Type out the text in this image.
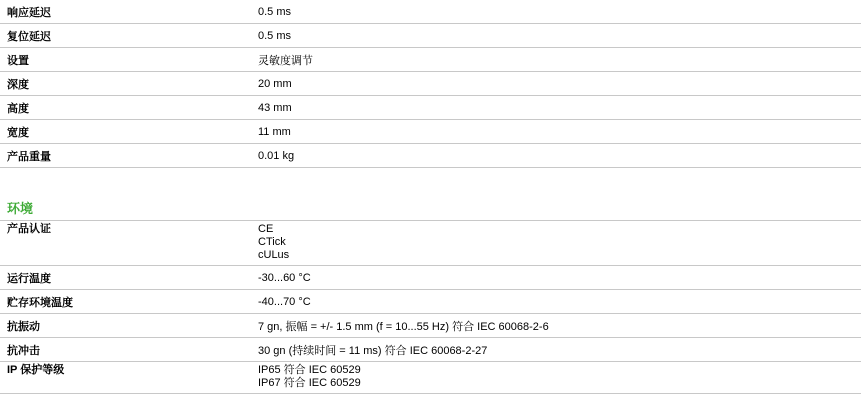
响应延迟	0.5 ms
复位延迟	0.5 ms
设置	灵敏度调节
深度	20 mm
高度	43 mm
宽度	11 mm
产品重量	0.01 kg
环境
产品认证	CE
CTick
cULus
运行温度	-30...60 °C
贮存环境温度	-40...70 °C
抗振动	7 gn, 振幅 = +/- 1.5 mm (f = 10...55 Hz) 符合 IEC 60068-2-6
抗冲击	30 gn (持续时间 = 11 ms) 符合 IEC 60068-2-27
IP 保护等级	IP65 符合 IEC 60529
IP67 符合 IEC 60529
